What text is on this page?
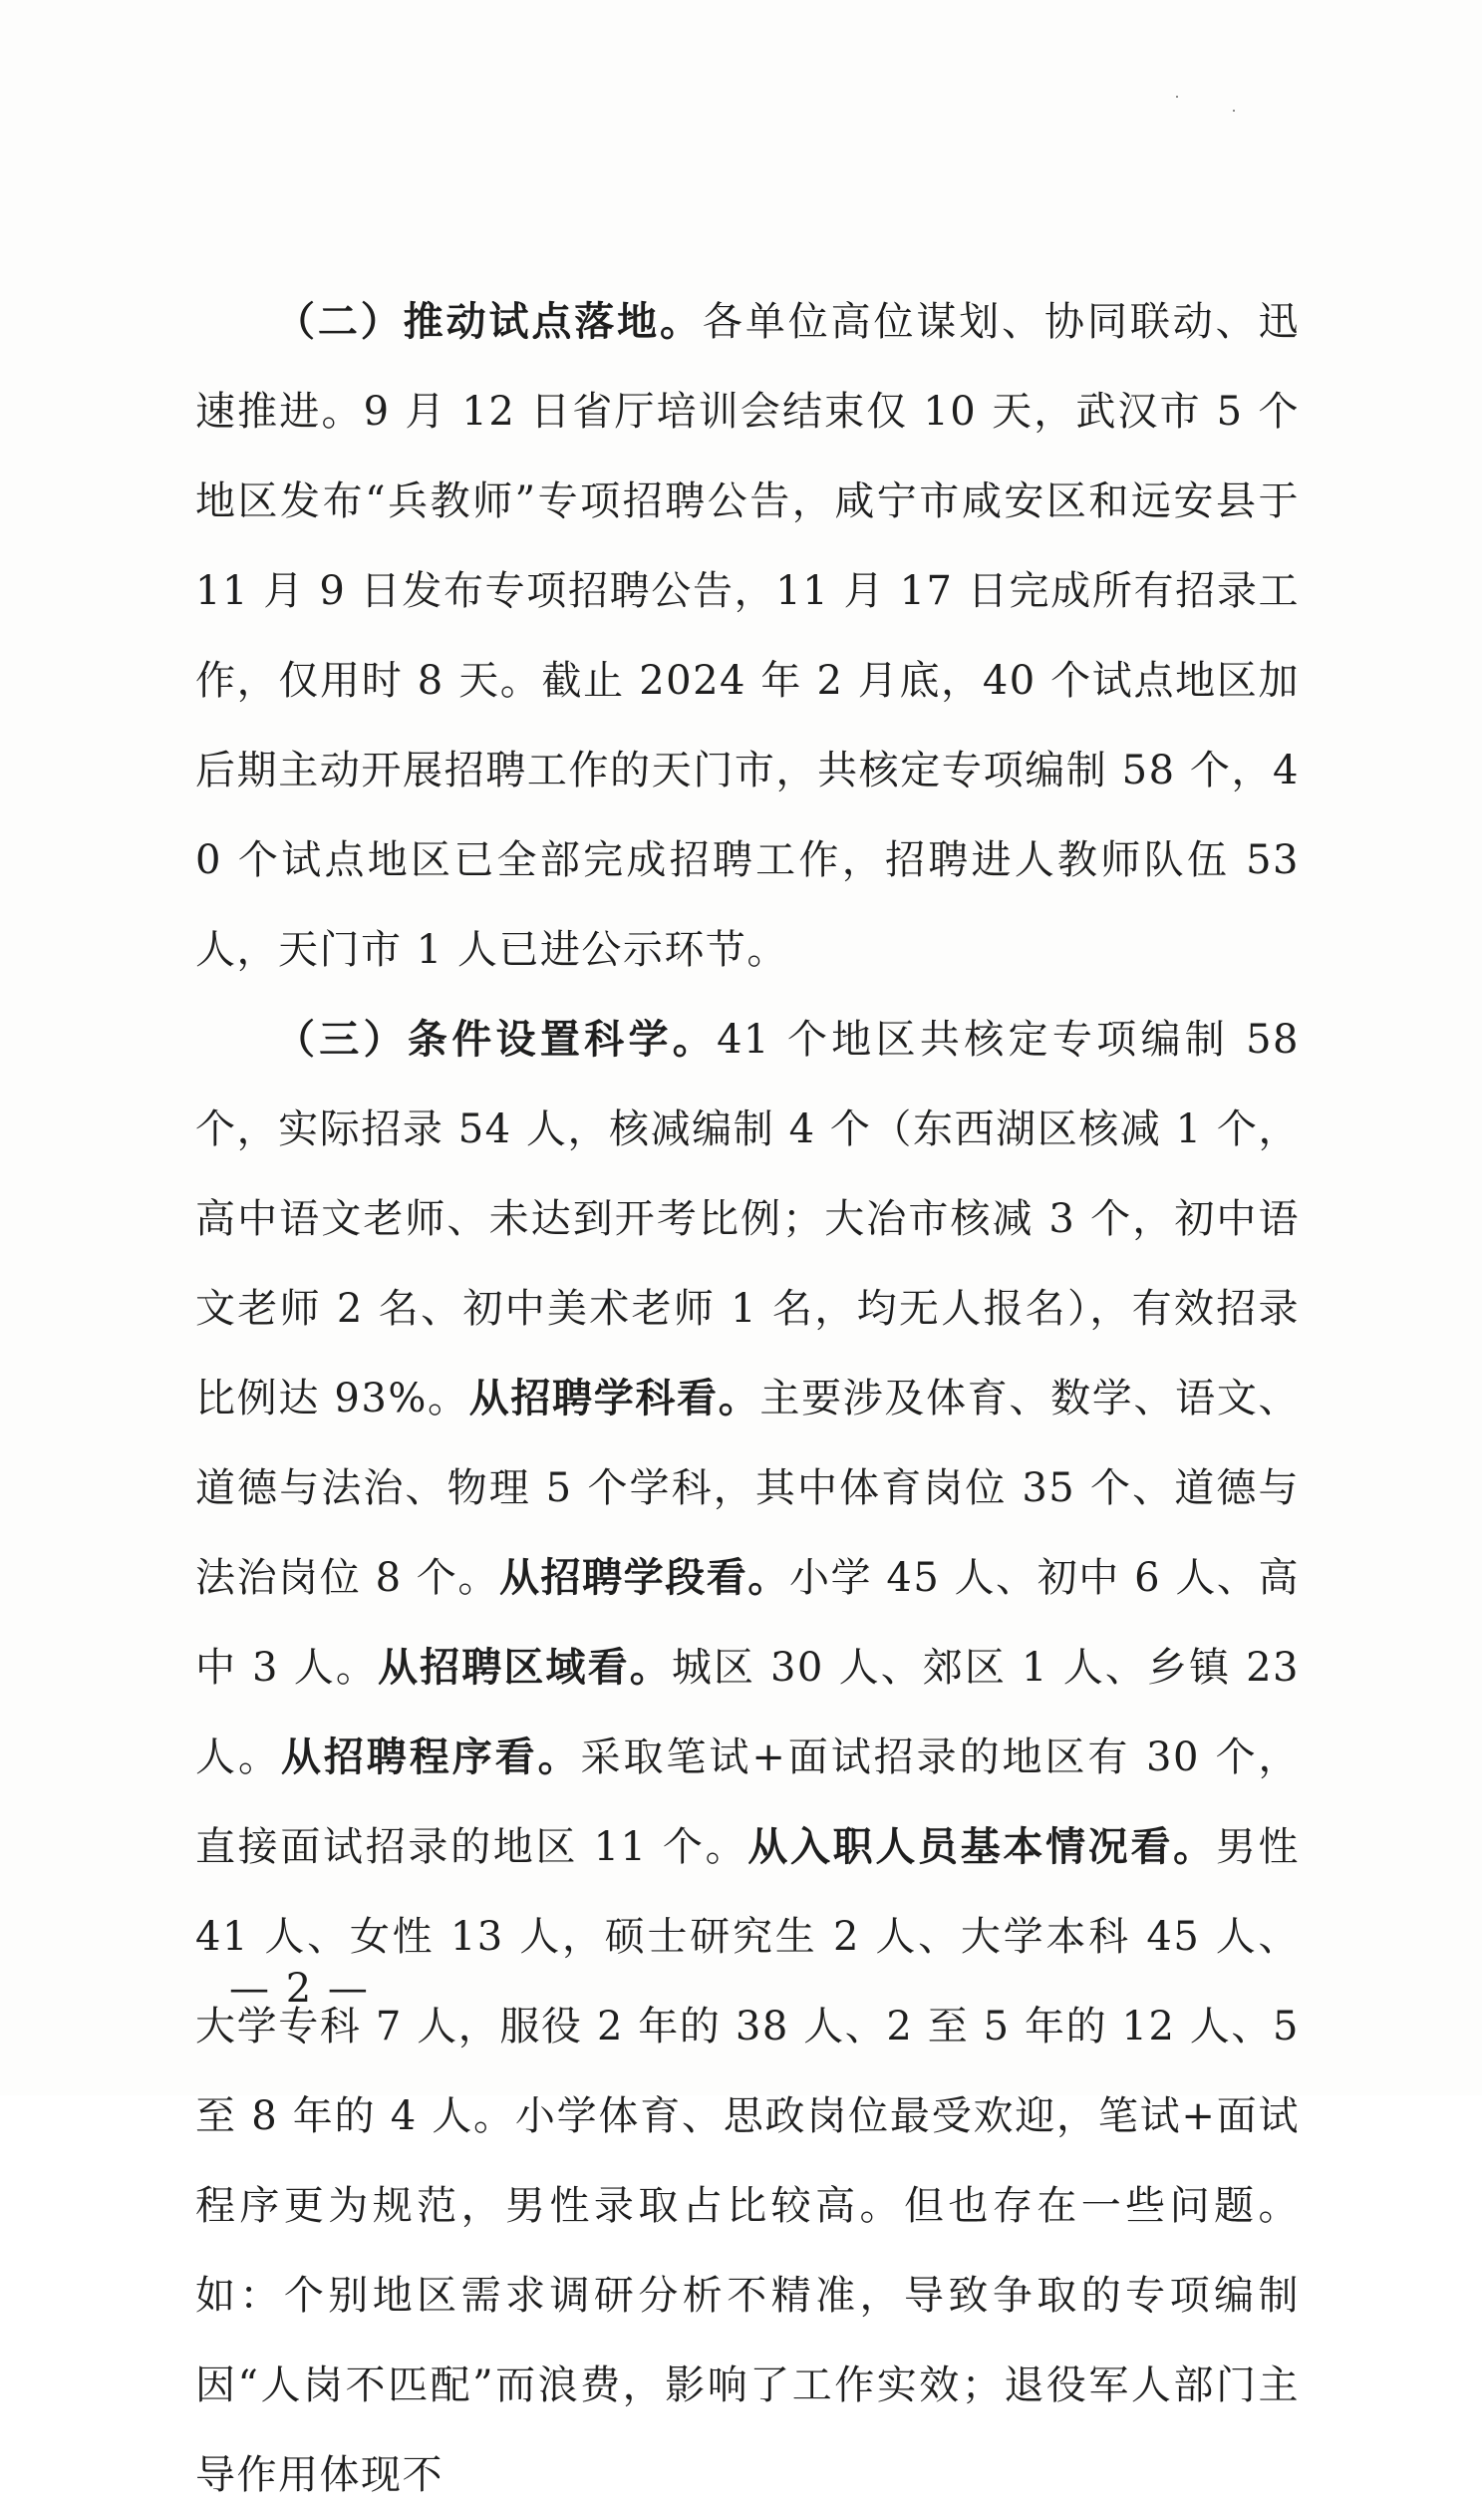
（二）推动试点落地。各单位高位谋划、协同联动、迅速推进。9 月 12 日省厅培训会结束仅 10 天，武汉市 5 个地区发布“兵教师”专项招聘公告，咸宁市咸安区和远安县于 11 月 9 日发布专项招聘公告，11 月 17 日完成所有招录工作，仅用时 8 天。截止 2024 年 2 月底，40 个试点地区加后期主动开展招聘工作的天门市，共核定专项编制 58 个，40 个试点地区已全部完成招聘工作，招聘进人教师队伍 53 人，天门市 1 人已进公示环节。

（三）条件设置科学。41 个地区共核定专项编制 58 个，实际招录 54 人，核减编制 4 个（东西湖区核减 1 个，高中语文老师、未达到开考比例；大冶市核减 3 个，初中语文老师 2 名、初中美术老师 1 名，均无人报名），有效招录比例达 93%。从招聘学科看。主要涉及体育、数学、语文、道德与法治、物理 5 个学科，其中体育岗位 35 个、道德与法治岗位 8 个。从招聘学段看。小学 45 人、初中 6 人、高中 3 人。从招聘区域看。城区 30 人、郊区 1 人、乡镇 23 人。从招聘程序看。采取笔试+面试招录的地区有 30 个，直接面试招录的地区 11 个。从入职人员基本情况看。男性 41 人、女性 13 人，硕士研究生 2 人、大学本科 45 人、大学专科 7 人，服役 2 年的 38 人、2 至 5 年的 12 人、5 至 8 年的 4 人。小学体育、思政岗位最受欢迎，笔试+面试程序更为规范，男性录取占比较高。但也存在一些问题。如：个别地区需求调研分析不精准，导致争取的专项编制因“人岗不匹配”而浪费，影响了工作实效；退役军人部门主导作用体现不

— 2 —
